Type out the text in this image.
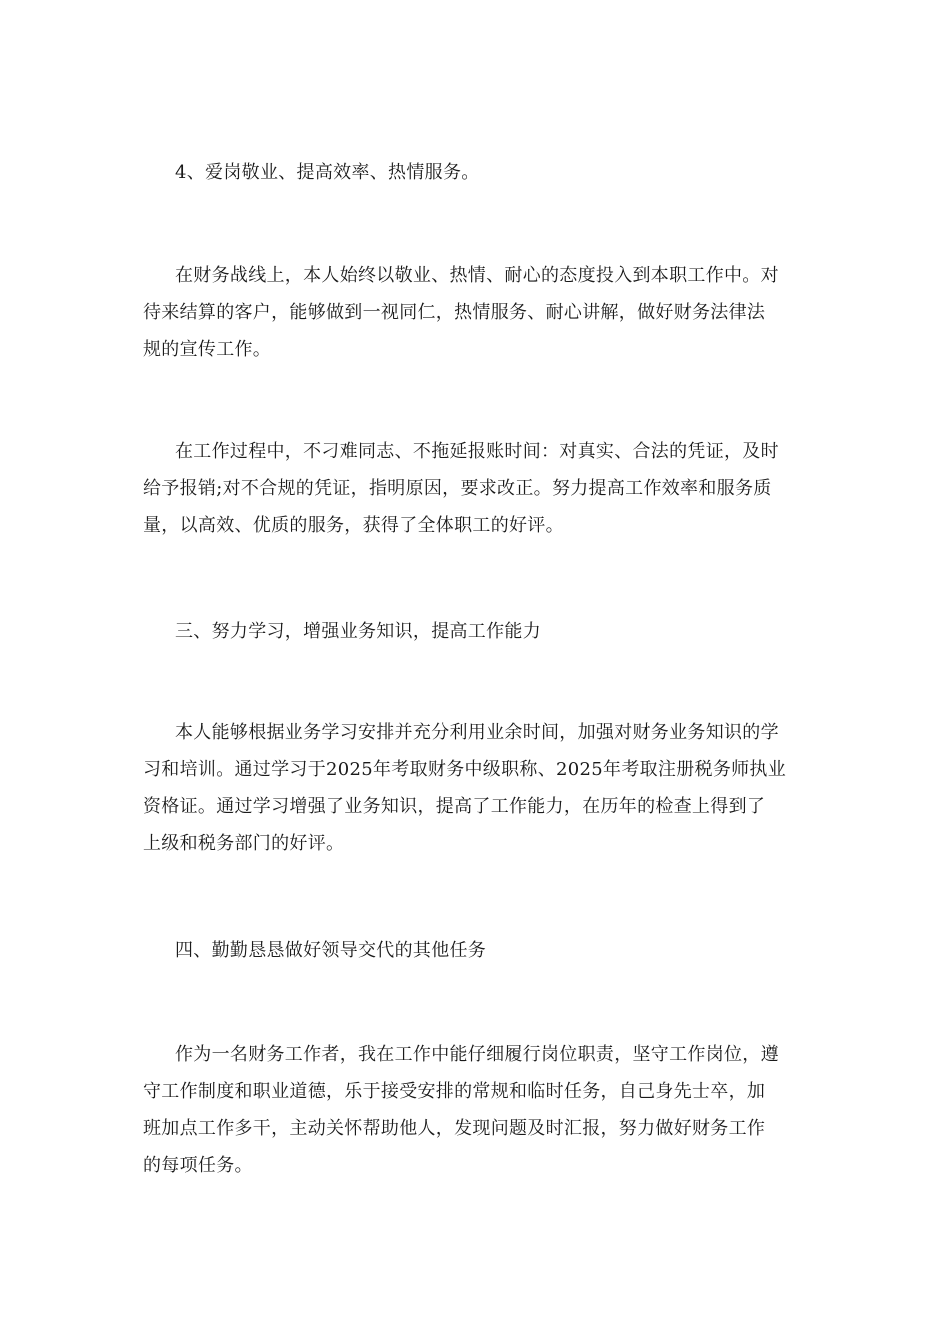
4、爱岗敬业、提高效率、热情服务。
在财务战线上，本人始终以敬业、热情、耐心的态度投入到本职工作中。对
待来结算的客户，能够做到一视同仁，热情服务、耐心讲解，做好财务法律法
规的宣传工作。
在工作过程中，不刁难同志、不拖延报账时间：对真实、合法的凭证，及时
给予报销;对不合规的凭证，指明原因，要求改正。努力提高工作效率和服务质
量，以高效、优质的服务，获得了全体职工的好评。
三、努力学习，增强业务知识，提高工作能力
本人能够根据业务学习安排并充分利用业余时间，加强对财务业务知识的学
习和培训。通过学习于2025年考取财务中级职称、2025年考取注册税务师执业
资格证。通过学习增强了业务知识，提高了工作能力，在历年的检查上得到了
上级和税务部门的好评。
四、勤勤恳恳做好领导交代的其他任务
作为一名财务工作者，我在工作中能仔细履行岗位职责，坚守工作岗位，遵
守工作制度和职业道德，乐于接受安排的常规和临时任务，自己身先士卒，加
班加点工作多干，主动关怀帮助他人，发现问题及时汇报，努力做好财务工作
的每项任务。
